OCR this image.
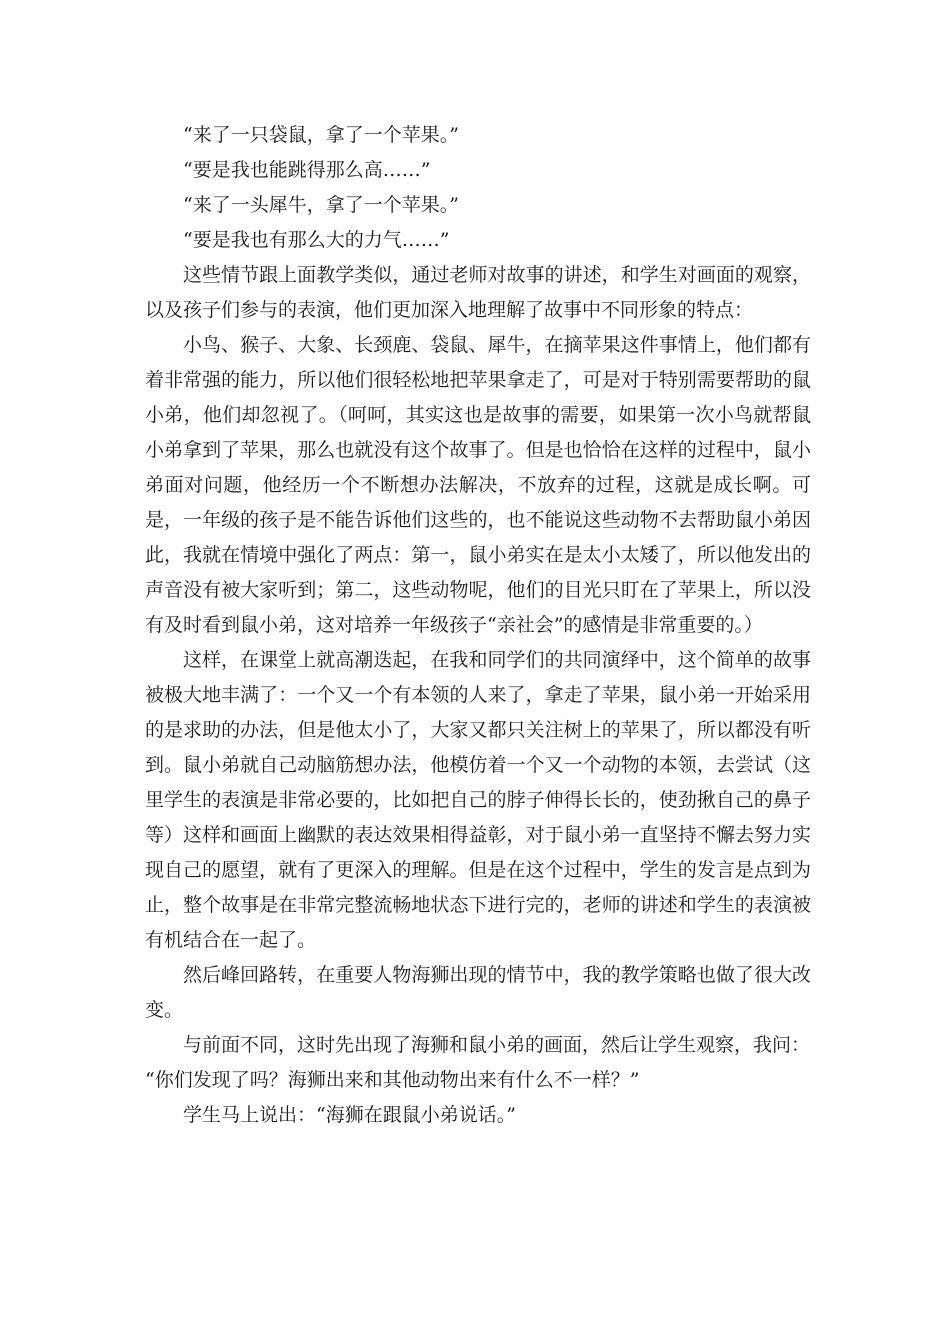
“来了一只袋鼠，拿了一个苹果。”

“要是我也能跳得那么高……”

“来了一头犀牛，拿了一个苹果。”

“要是我也有那么大的力气……”

这些情节跟上面教学类似，通过老师对故事的讲述，和学生对画面的观察，以及孩子们参与的表演，他们更加深入地理解了故事中不同形象的特点：

小鸟、猴子、大象、长颈鹿、袋鼠、犀牛，在摘苹果这件事情上，他们都有着非常强的能力，所以他们很轻松地把苹果拿走了，可是对于特别需要帮助的鼠小弟，他们却忽视了。（呵呵，其实这也是故事的需要，如果第一次小鸟就帮鼠小弟拿到了苹果，那么也就没有这个故事了。但是也恰恰在这样的过程中，鼠小弟面对问题，他经历一个不断想办法解决，不放弃的过程，这就是成长啊。可是，一年级的孩子是不能告诉他们这些的，也不能说这些动物不去帮助鼠小弟因此，我就在情境中强化了两点：第一，鼠小弟实在是太小太矮了，所以他发出的声音没有被大家听到；第二，这些动物呢，他们的目光只盯在了苹果上，所以没有及时看到鼠小弟，这对培养一年级孩子“亲社会”的感情是非常重要的。）

这样，在课堂上就高潮迭起，在我和同学们的共同演绎中，这个简单的故事被极大地丰满了：一个又一个有本领的人来了，拿走了苹果，鼠小弟一开始采用的是求助的办法，但是他太小了，大家又都只关注树上的苹果了，所以都没有听到。鼠小弟就自己动脑筋想办法，他模仿着一个又一个动物的本领，去尝试（这里学生的表演是非常必要的，比如把自己的脖子伸得长长的，使劲揪自己的鼻子等）这样和画面上幽默的表达效果相得益彰，对于鼠小弟一直坚持不懈去努力实现自己的愿望，就有了更深入的理解。但是在这个过程中，学生的发言是点到为止，整个故事是在非常完整流畅地状态下进行完的，老师的讲述和学生的表演被有机结合在一起了。

然后峰回路转，在重要人物海狮出现的情节中，我的教学策略也做了很大改变。

与前面不同，这时先出现了海狮和鼠小弟的画面，然后让学生观察，我问：

“你们发现了吗？海狮出来和其他动物出来有什么不一样？”

学生马上说出：“海狮在跟鼠小弟说话。”
